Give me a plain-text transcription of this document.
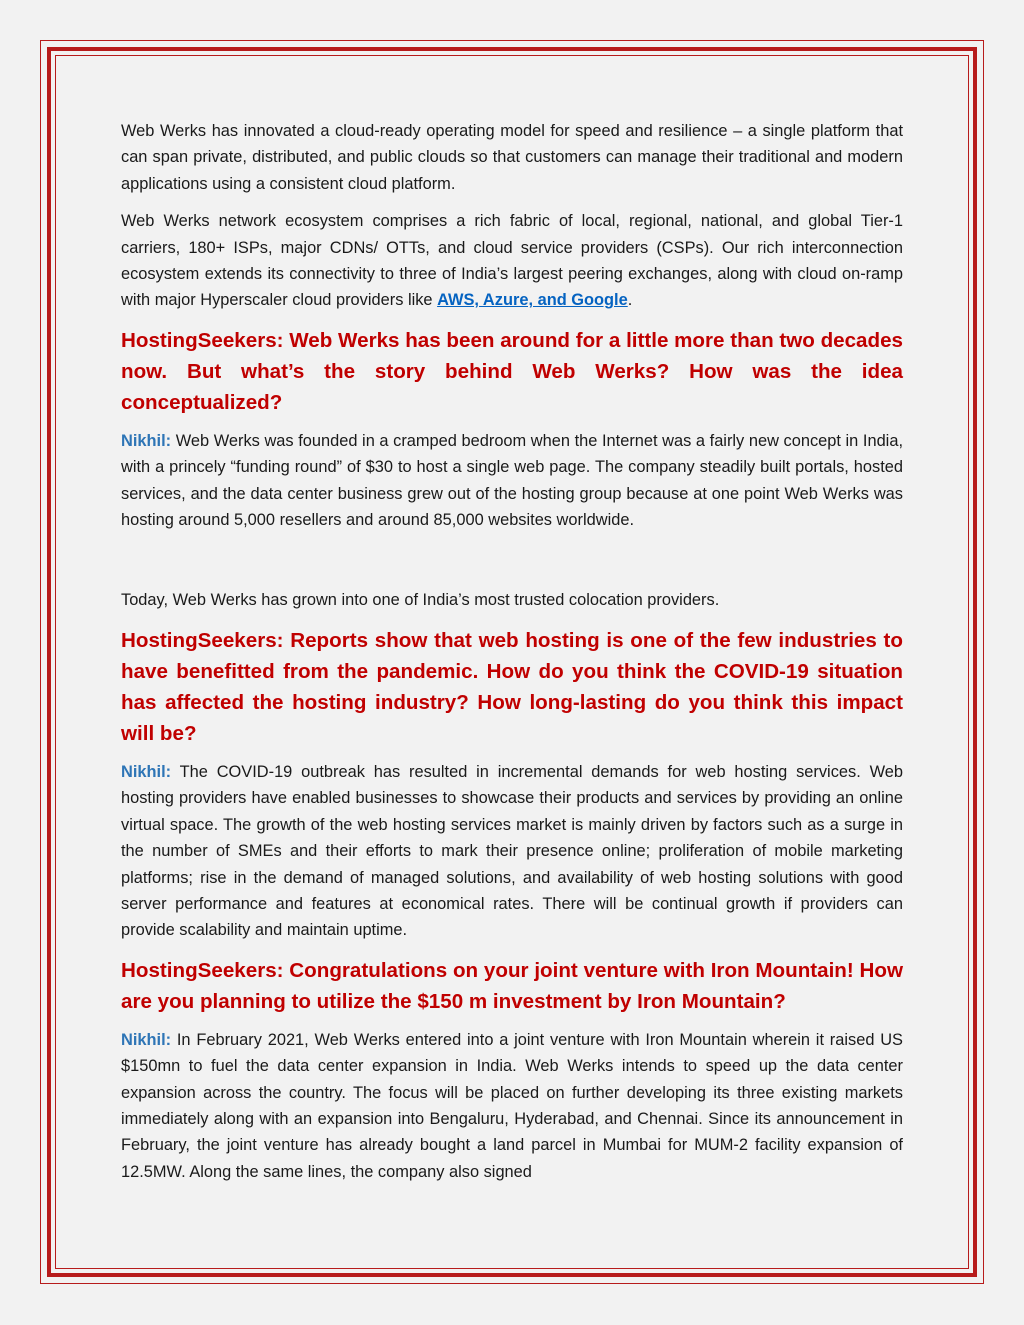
Web Werks has innovated a cloud-ready operating model for speed and resilience – a single platform that can span private, distributed, and public clouds so that customers can manage their traditional and modern applications using a consistent cloud platform.

Web Werks network ecosystem comprises a rich fabric of local, regional, national, and global Tier-1 carriers, 180+ ISPs, major CDNs/ OTTs, and cloud service providers (CSPs). Our rich interconnection ecosystem extends its connectivity to three of India’s largest peering exchanges, along with cloud on-ramp with major Hyperscaler cloud providers like AWS, Azure, and Google.

HostingSeekers: Web Werks has been around for a little more than two decades now. But what’s the story behind Web Werks? How was the idea conceptualized?

Nikhil: Web Werks was founded in a cramped bedroom when the Internet was a fairly new concept in India, with a princely “funding round” of $30 to host a single web page. The company steadily built portals, hosted services, and the data center business grew out of the hosting group because at one point Web Werks was hosting around 5,000 resellers and around 85,000 websites worldwide.

Today, Web Werks has grown into one of India’s most trusted colocation providers.

HostingSeekers: Reports show that web hosting is one of the few industries to have benefitted from the pandemic. How do you think the COVID-19 situation has affected the hosting industry? How long-lasting do you think this impact will be?

Nikhil: The COVID-19 outbreak has resulted in incremental demands for web hosting services. Web hosting providers have enabled businesses to showcase their products and services by providing an online virtual space. The growth of the web hosting services market is mainly driven by factors such as a surge in the number of SMEs and their efforts to mark their presence online; proliferation of mobile marketing platforms; rise in the demand of managed solutions, and availability of web hosting solutions with good server performance and features at economical rates. There will be continual growth if providers can provide scalability and maintain uptime.

HostingSeekers: Congratulations on your joint venture with Iron Mountain! How are you planning to utilize the $150 m investment by Iron Mountain?

Nikhil: In February 2021, Web Werks entered into a joint venture with Iron Mountain wherein it raised US $150mn to fuel the data center expansion in India. Web Werks intends to speed up the data center expansion across the country. The focus will be placed on further developing its three existing markets immediately along with an expansion into Bengaluru, Hyderabad, and Chennai. Since its announcement in February, the joint venture has already bought a land parcel in Mumbai for MUM-2 facility expansion of 12.5MW. Along the same lines, the company also signed
